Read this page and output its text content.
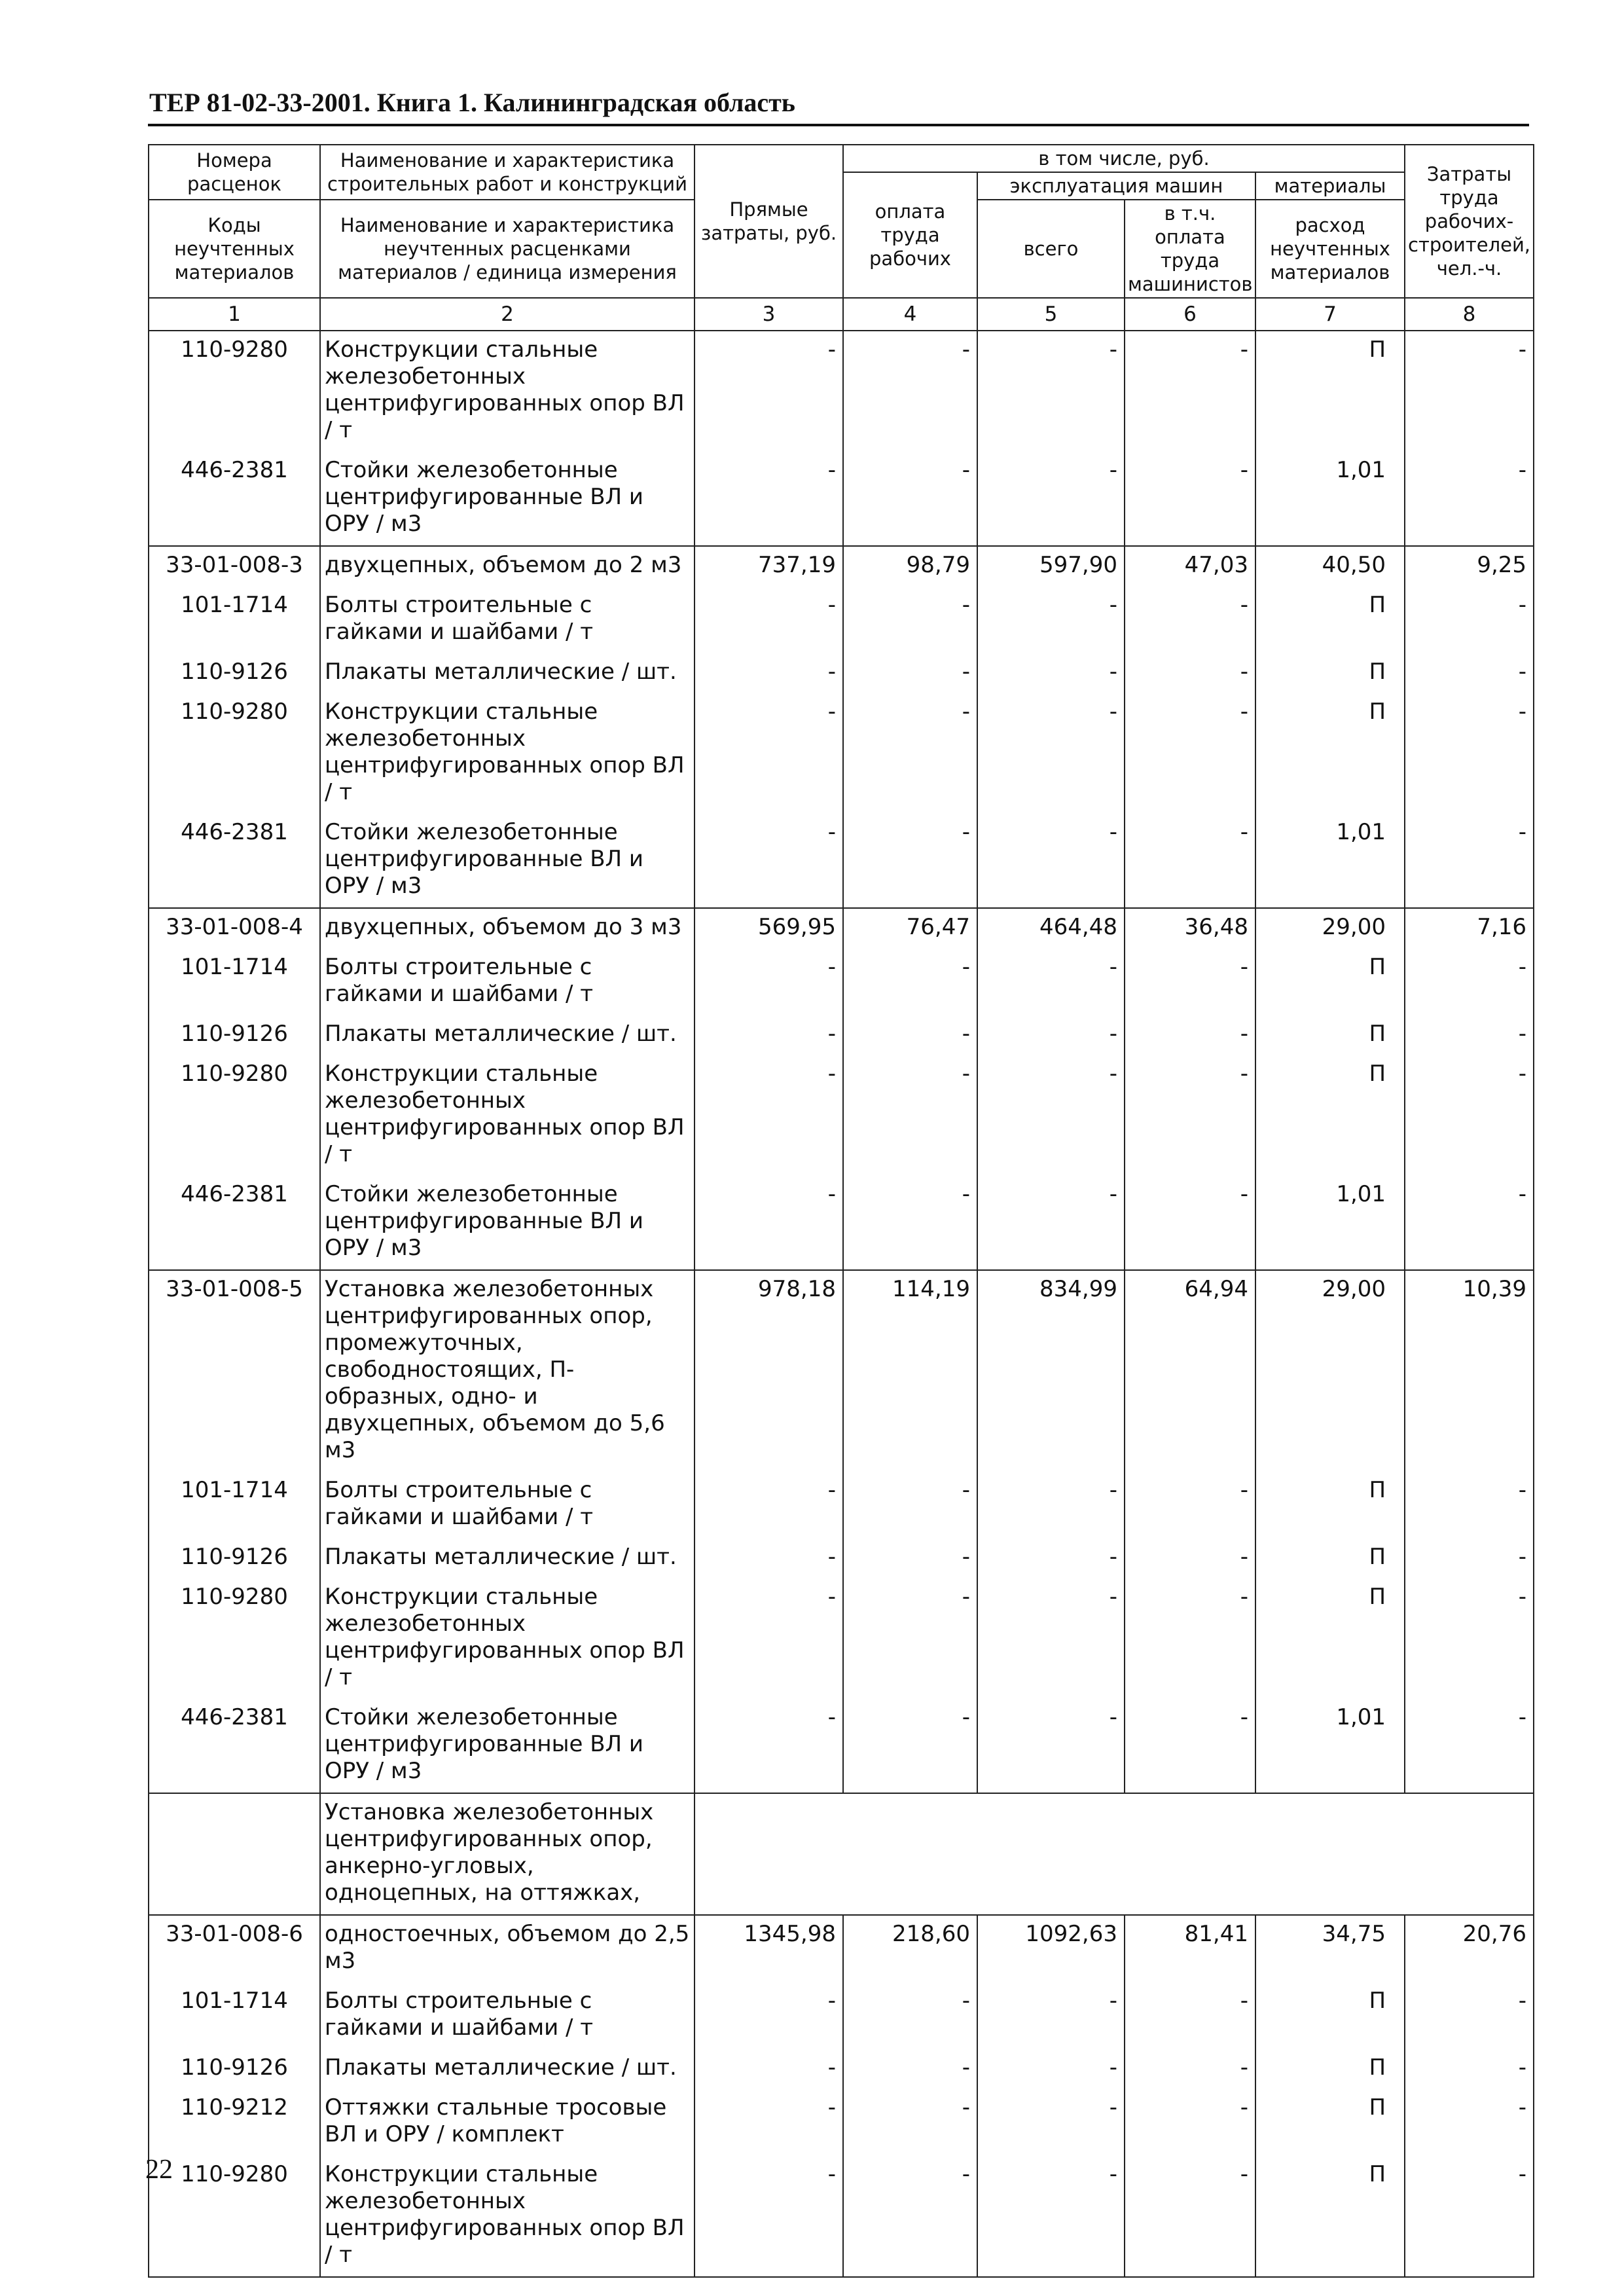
ТЕР 81-02-33-2001. Книга 1. Калининградская область
Номера расценок	Наименование и характеристика строительных работ и конструкций	Прямые затраты, руб.	в том числе, руб.				Затраты труда рабочих-строителей, чел.-ч.
			оплата труда рабочих	эксплуатация машин		материалы	
Коды неучтенных материалов	Наименование и характеристика неучтенных расценками материалов / единица измерения			всего	в т.ч. оплата труда машинистов	расход неучтенных материалов	

1	2	3	4	5	6	7	8
110-9280	Конструкции стальные железобетонных центрифугированных опор ВЛ / т	-	-	-	-	П	-
446-2381	Стойки железобетонные центрифугированные ВЛ и ОРУ / м3	-	-	-	-	1,01	-
33-01-008-3	двухцепных, объемом до 2 м3	737,19	98,79	597,90	47,03	40,50	9,25
101-1714	Болты строительные с гайками и шайбами / т	-	-	-	-	П	-
110-9126	Плакаты металлические / шт.	-	-	-	-	П	-
110-9280	Конструкции стальные железобетонных центрифугированных опор ВЛ / т	-	-	-	-	П	-
446-2381	Стойки железобетонные центрифугированные ВЛ и ОРУ / м3	-	-	-	-	1,01	-
33-01-008-4	двухцепных, объемом до 3 м3	569,95	76,47	464,48	36,48	29,00	7,16
101-1714	Болты строительные с гайками и шайбами / т	-	-	-	-	П	-
110-9126	Плакаты металлические / шт.	-	-	-	-	П	-
110-9280	Конструкции стальные железобетонных центрифугированных опор ВЛ / т	-	-	-	-	П	-
446-2381	Стойки железобетонные центрифугированные ВЛ и ОРУ / м3	-	-	-	-	1,01	-
33-01-008-5	Установка железобетонных центрифугированных опор, промежуточных, свободностоящих, П-образных, одно- и двухцепных, объемом до 5,6 м3	978,18	114,19	834,99	64,94	29,00	10,39
101-1714	Болты строительные с гайками и шайбами / т	-	-	-	-	П	-
110-9126	Плакаты металлические / шт.	-	-	-	-	П	-
110-9280	Конструкции стальные железобетонных центрифугированных опор ВЛ / т	-	-	-	-	П	-
446-2381	Стойки железобетонные центрифугированные ВЛ и ОРУ / м3	-	-	-	-	1,01	-
	Установка железобетонных центрифугированных опор, анкерно-угловых, одноцепных, на оттяжках,						
33-01-008-6	одностоечных, объемом до 2,5 м3	1345,98	218,60	1092,63	81,41	34,75	20,76
101-1714	Болты строительные с гайками и шайбами / т	-	-	-	-	П	-
110-9126	Плакаты металлические / шт.	-	-	-	-	П	-
110-9212	Оттяжки стальные тросовые ВЛ и ОРУ / комплект	-	-	-	-	П	-
110-9280	Конструкции стальные железобетонных центрифугированных опор ВЛ / т	-	-	-	-	П	-
22
